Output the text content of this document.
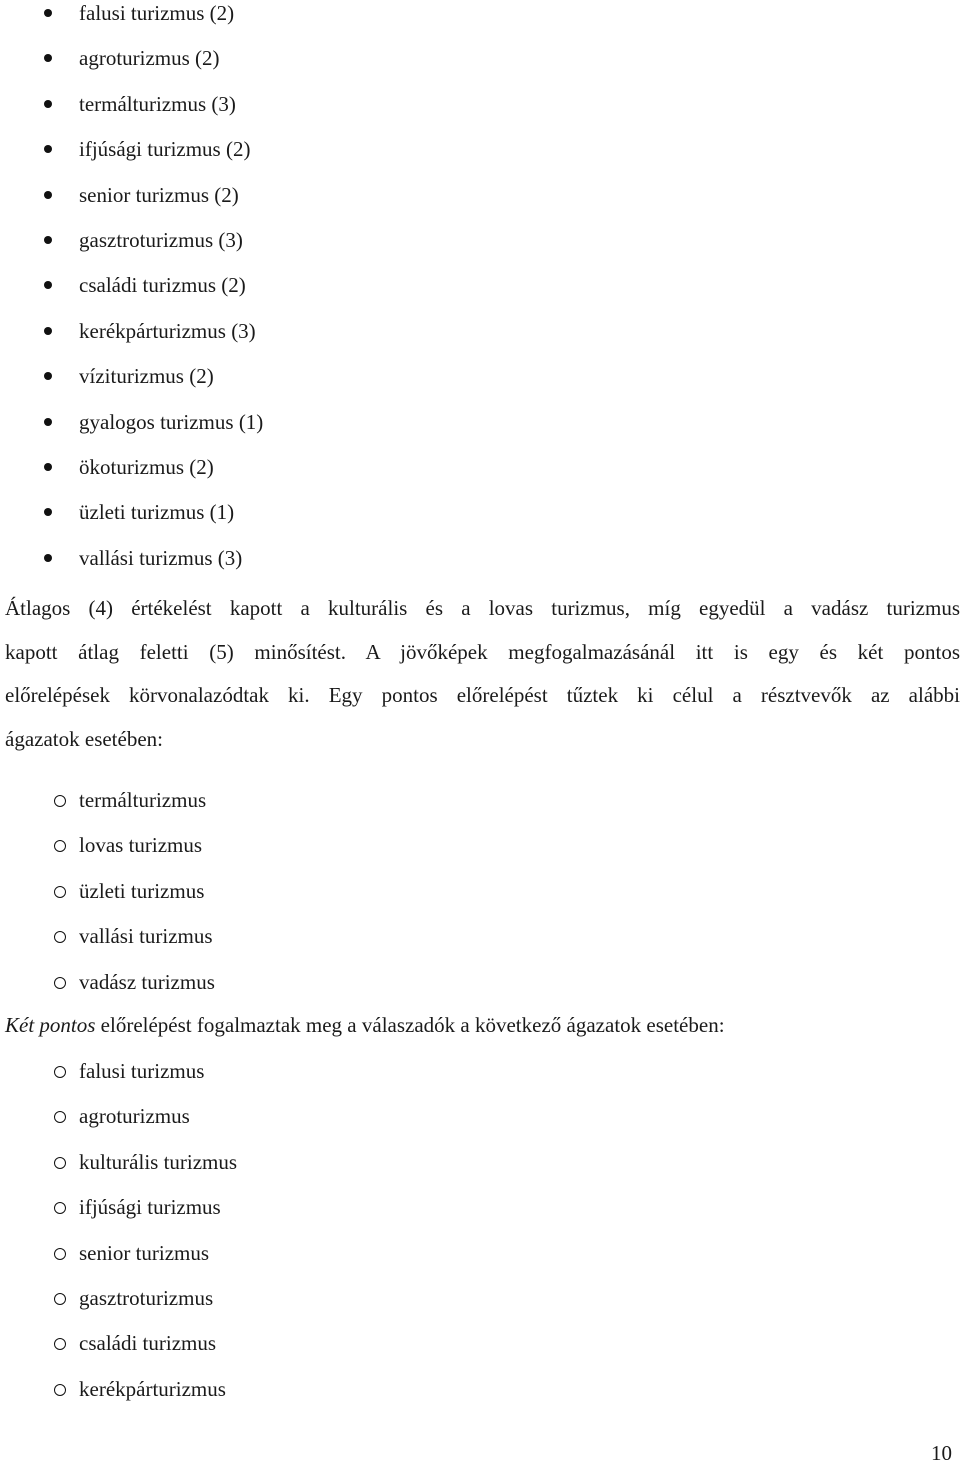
falusi turizmus (2)
agroturizmus (2)
termálturizmus (3)
ifjúsági turizmus (2)
senior turizmus (2)
gasztroturizmus (3)
családi turizmus (2)
kerékpárturizmus (3)
víziturizmus (2)
gyalogos turizmus (1)
ökoturizmus (2)
üzleti turizmus (1)
vallási turizmus (3)

Átlagos (4) értékelést kapott a kulturális és a lovas turizmus, míg egyedül a vadász turizmus
kapott átlag feletti (5) minősítést. A jövőképek megfogalmazásánál itt is egy és két pontos
előrelépések körvonalazódtak ki. Egy pontos előrelépést tűztek ki célul a résztvevők az alábbi
ágazatok esetében:

termálturizmus
lovas turizmus
üzleti turizmus
vallási turizmus
vadász turizmus

Két pontos előrelépést fogalmaztak meg a válaszadók a következő ágazatok esetében:

falusi turizmus
agroturizmus
kulturális turizmus
ifjúsági turizmus
senior turizmus
gasztroturizmus
családi turizmus
kerékpárturizmus
10
